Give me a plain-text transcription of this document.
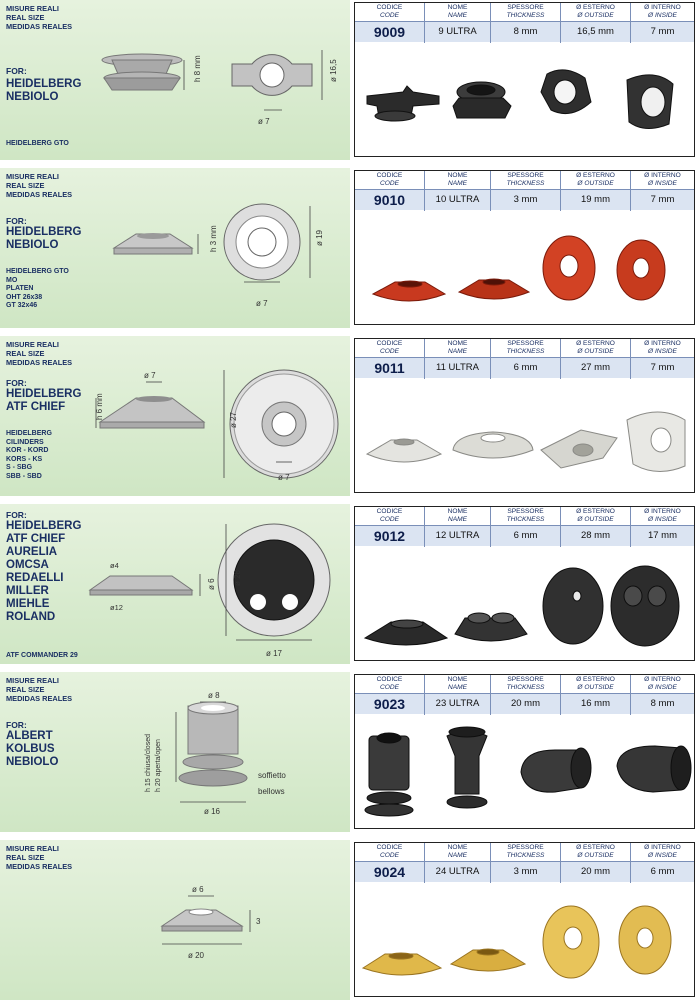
MISURE REALI
REAL SIZE
MEDIDAS REALES
FOR:
HEIDELBERG
NEBIOLO
HEIDELBERG GTO
h 8 mm
ø 7
ø 16,5
CODICE
CODE
9009
NOME
NAME
9 ULTRA
SPESSORE
THICKNESS
8 mm
Ø ESTERNO
Ø OUTSIDE
16,5 mm
Ø INTERNO
Ø INSIDE
7 mm
MISURE REALI
REAL SIZE
MEDIDAS REALES
FOR:
HEIDELBERG
NEBIOLO
HEIDELBERG GTO
MO
PLATEN
OHT 26x38
GT 32x46
h 3 mm
ø 7
ø 19
CODICE
CODE
9010
NOME
NAME
10 ULTRA
SPESSORE
THICKNESS
3 mm
Ø ESTERNO
Ø OUTSIDE
19 mm
Ø INTERNO
Ø INSIDE
7 mm
MISURE REALI
REAL SIZE
MEDIDAS REALES
FOR:
HEIDELBERG
ATF CHIEF
HEIDELBERG
CILINDERS
KOR - KORD
KORS - KS
S - SBG
SBB - SBD
ø 7
h 6 mm
ø 7
ø 27
CODICE
CODE
9011
NOME
NAME
11 ULTRA
SPESSORE
THICKNESS
6 mm
Ø ESTERNO
Ø OUTSIDE
27 mm
Ø INTERNO
Ø INSIDE
7 mm
FOR:
HEIDELBERG
ATF CHIEF
AURELIA
OMCSA
REDAELLI
MILLER
MIEHLE
ROLAND
ATF COMMANDER 29
ø4
ø12
ø 6
ø 17
ø 28
CODICE
CODE
9012
NOME
NAME
12 ULTRA
SPESSORE
THICKNESS
6 mm
Ø ESTERNO
Ø OUTSIDE
28 mm
Ø INTERNO
Ø INSIDE
17 mm
MISURE REALI
REAL SIZE
MEDIDAS REALES
FOR:
ALBERT
KOLBUS
NEBIOLO
ø 8
h 15 chiusa/closed h 20 aperta/open	soffietto
bellows
ø 16
CODICE
CODE
9023
NOME
NAME
23 ULTRA
SPESSORE
THICKNESS
20 mm
Ø ESTERNO
Ø OUTSIDE
16 mm
Ø INTERNO
Ø INSIDE
8 mm
MISURE REALI
REAL SIZE
MEDIDAS REALES
ø 6
3
ø 20
CODICE
CODE
9024
NOME
NAME
24 ULTRA
SPESSORE
THICKNESS
3 mm
Ø ESTERNO
Ø OUTSIDE
20 mm
Ø INTERNO
Ø INSIDE
6 mm
